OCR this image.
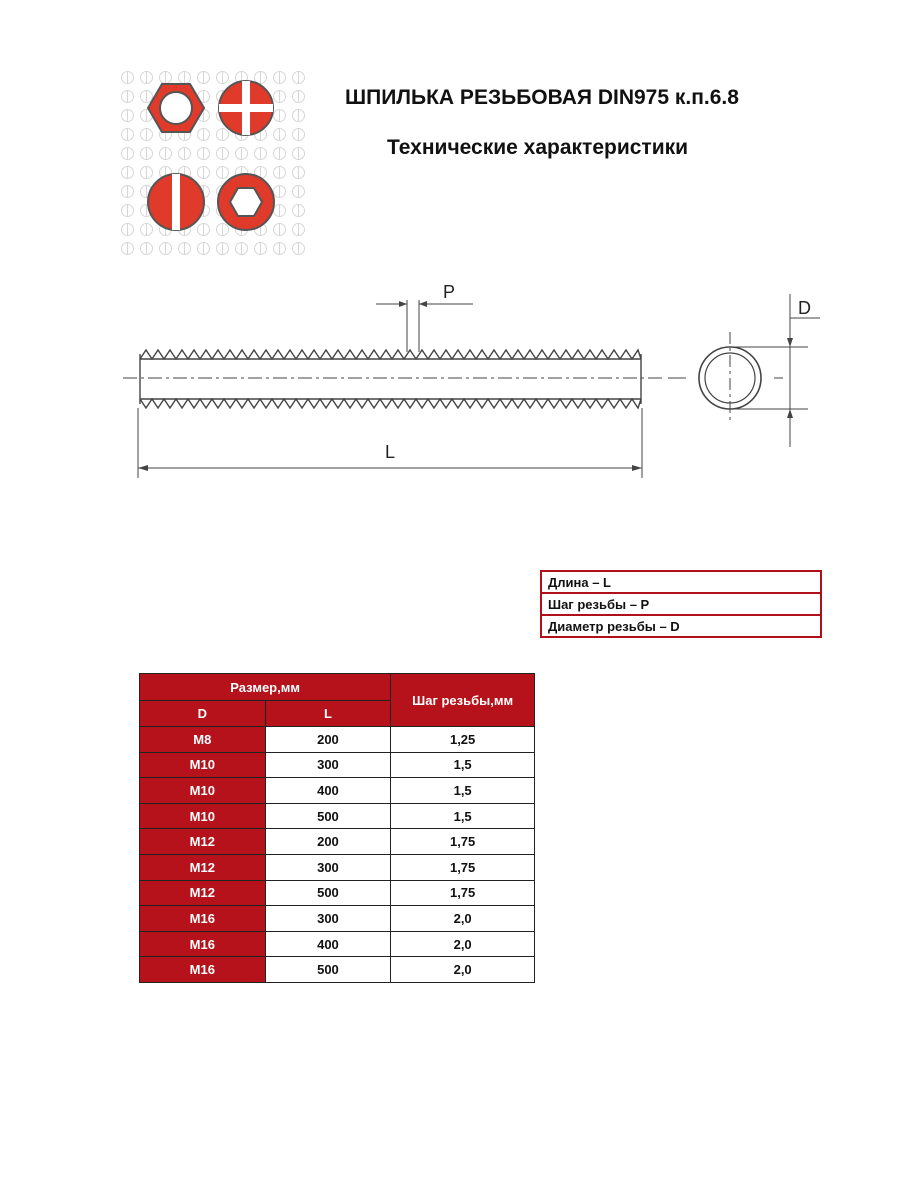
ШПИЛЬКА РЕЗЬБОВАЯ DIN975 к.п.6.8
Технические характеристики
P
L
D
Длина – L
Шаг резьбы – P
Диаметр резьбы – D
Размер,мм		Шаг резьбы,мм
D	L	
M8	200	1,25
M10	300	1,5
M10	400	1,5
M10	500	1,5
M12	200	1,75
M12	300	1,75
M12	500	1,75
M16	300	2,0
M16	400	2,0
M16	500	2,0
